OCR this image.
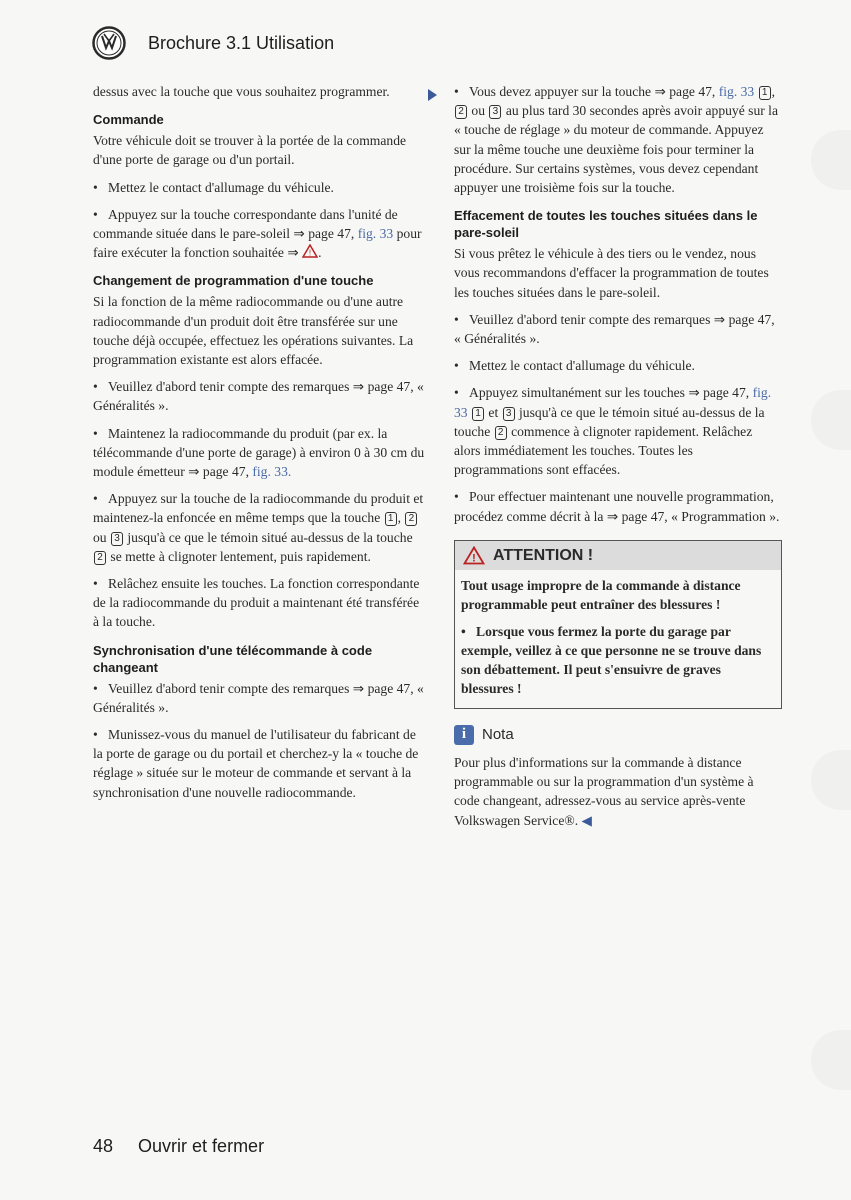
Brochure 3.1 Utilisation

dessus avec la touche que vous souhaitez programmer.

Commande

Votre véhicule doit se trouver à la portée de la commande d'une porte de garage ou d'un portail.

• Mettez le contact d'allumage du véhicule.

• Appuyez sur la touche correspondante dans l'unité de commande située dans le pare-soleil ⇒ page 47, fig. 33 pour faire exécuter la fonction souhaitée ⇒ ! .

Changement de programmation d'une touche

Si la fonction de la même radiocommande ou d'une autre radiocommande d'un produit doit être transférée sur une touche déjà occupée, effectuez les opérations suivantes. La programmation existante est alors effacée.

• Veuillez d'abord tenir compte des remarques ⇒ page 47, « Généralités ».

• Maintenez la radiocommande du produit (par ex. la télécommande d'une porte de garage) à environ 0 à 30 cm du module émetteur ⇒ page 47, fig. 33.

• Appuyez sur la touche de la radiocommande du produit et maintenez-la enfoncée en même temps que la touche 1 , 2 ou 3 jusqu'à ce que le témoin situé au-dessus de la touche 2 se mette à clignoter lentement, puis rapidement.

• Relâchez ensuite les touches. La fonction correspondante de la radiocommande du produit a maintenant été transférée à la touche.

Synchronisation d'une télécommande à code changeant

• Veuillez d'abord tenir compte des remarques ⇒ page 47, « Généralités ».

• Munissez-vous du manuel de l'utilisateur du fabricant de la porte de garage ou du portail et cherchez-y la « touche de réglage » située sur le moteur de commande et servant à la synchronisation d'une nouvelle radiocommande.

• Vous devez appuyer sur la touche ⇒ page 47, fig. 33 1 , 2 ou 3 au plus tard 30 secondes après avoir appuyé sur la « touche de réglage » du moteur de commande. Appuyez sur la même touche une deuxième fois pour terminer la procédure. Sur certains systèmes, vous devez cependant appuyer une troisième fois sur la touche.

Effacement de toutes les touches situées dans le pare-soleil

Si vous prêtez le véhicule à des tiers ou le vendez, nous vous recommandons d'effacer la programmation de toutes les touches situées dans le pare-soleil.

• Veuillez d'abord tenir compte des remarques ⇒ page 47, « Généralités ».

• Mettez le contact d'allumage du véhicule.

• Appuyez simultanément sur les touches ⇒ page 47, fig. 33 1 et 3 jusqu'à ce que le témoin situé au-dessus de la touche 2 commence à clignoter rapidement. Relâchez alors immédiatement les touches. Toutes les programmations sont effacées.

• Pour effectuer maintenant une nouvelle programmation, procédez comme décrit à la ⇒ page 47, « Programmation ».

! ATTENTION !

Tout usage impropre de la commande à distance programmable peut entraîner des blessures !

• Lorsque vous fermez la porte du garage par exemple, veillez à ce que personne ne se trouve dans son débattement. Il peut s'ensuivre de graves blessures !

i	Nota

Pour plus d'informations sur la commande à distance programmable ou sur la programmation d'un système à code changeant, adressez-vous au service après-vente Volkswagen Service®. ◀

48 Ouvrir et fermer
